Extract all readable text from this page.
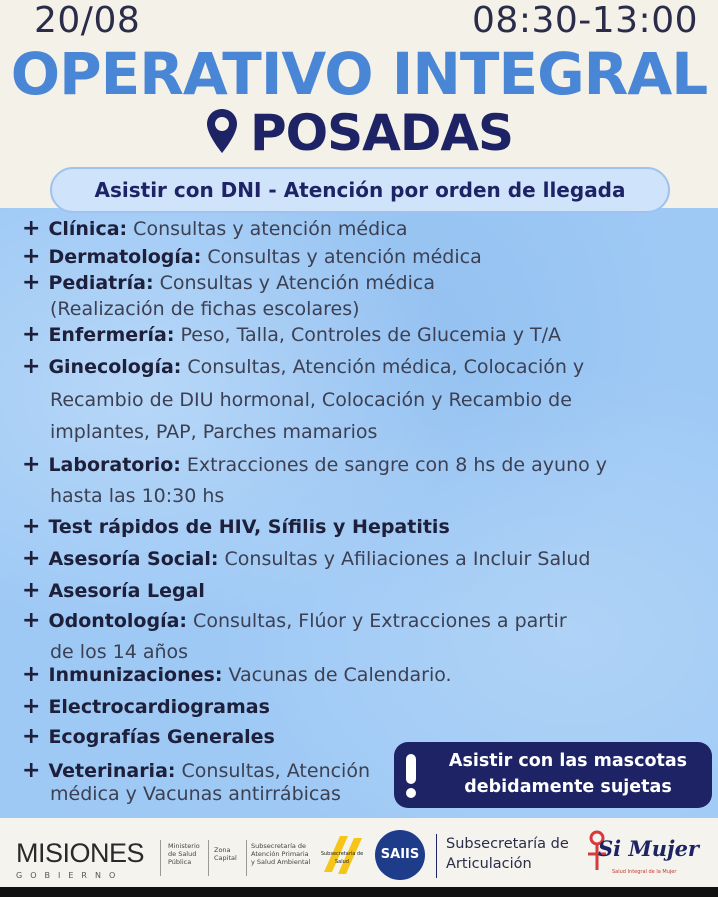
20/08	08:30-13:00
OPERATIVO INTEGRAL
POSADAS
Asistir con DNI - Atención por orden de llegada
+ Clínica: Consultas y atención médica
+ Dermatología: Consultas y atención médica
+ Pediatría: Consultas y Atención médica
(Realización de fichas escolares)
+ Enfermería: Peso, Talla, Controles de Glucemia y T/A
+ Ginecología: Consultas, Atención médica, Colocación y
Recambio de DIU hormonal, Colocación y Recambio de
implantes, PAP, Parches mamarios
+ Laboratorio: Extracciones de sangre con 8 hs de ayuno y
hasta las 10:30 hs
+ Test rápidos de HIV, Sífilis y Hepatitis
+ Asesoría Social: Consultas y Afiliaciones a Incluir Salud
+ Asesoría Legal
+ Odontología: Consultas, Flúor y Extracciones a partir
de los 14 años
+ Inmunizaciones: Vacunas de Calendario.
+ Electrocardiogramas
+ Ecografías Generales
+ Veterinaria: Consultas, Atención
médica y Vacunas antirrábicas
Asistir con las mascotas
debidamente sujetas
MISIONES
GOBIERNO
Ministerio
de Salud
Pública
Zona
Capital
Subsecretaría de
Atención Primaria
y Salud Ambiental
Subsecretaría de Salud	SAIIS
Subsecretaría de
Articulación
Si Mujer
Salud Integral de la Mujer
